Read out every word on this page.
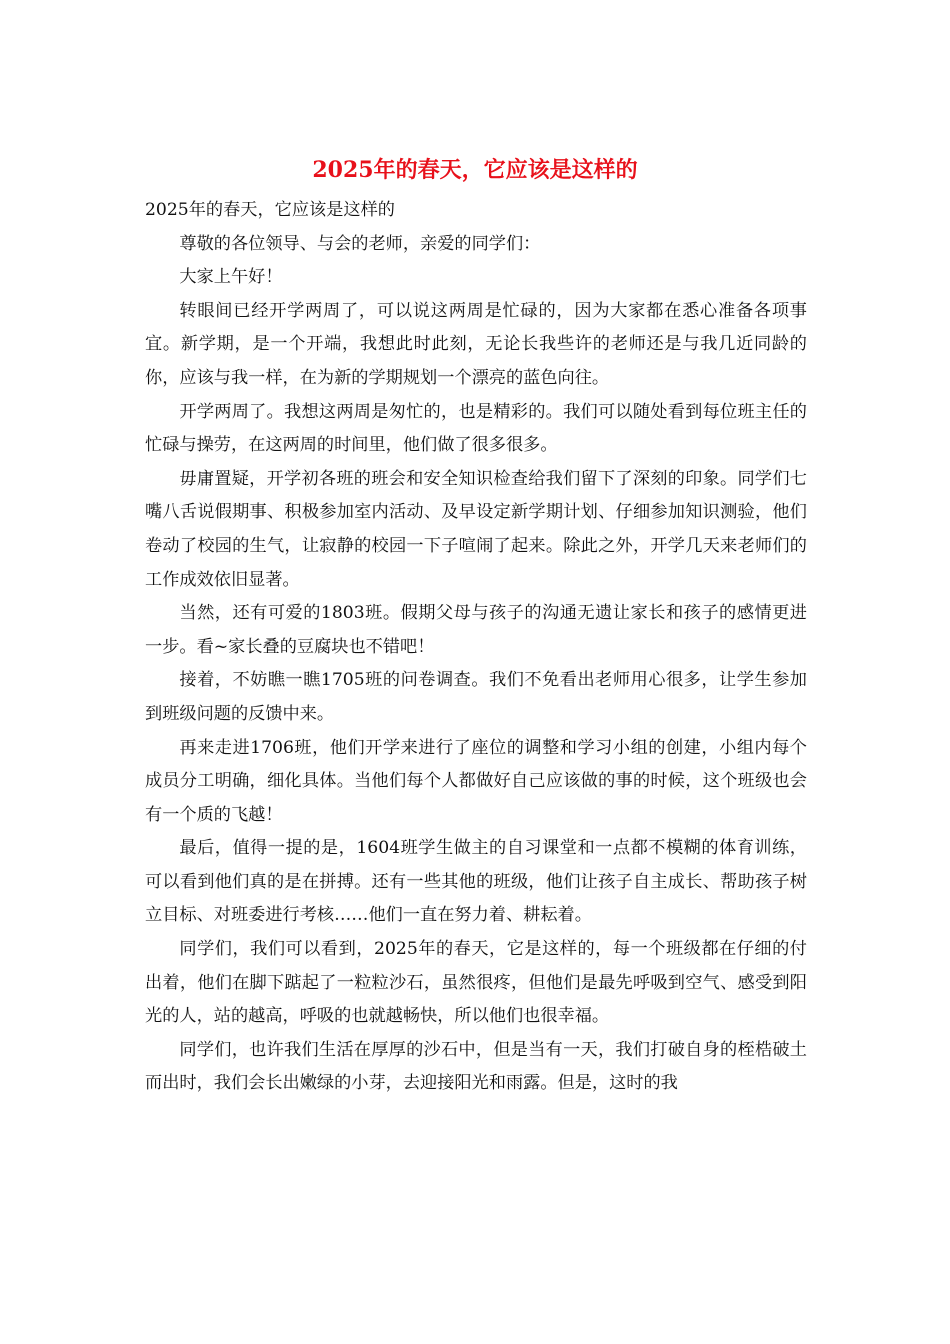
2025年的春天，它应该是这样的

2025年的春天，它应该是这样的

尊敬的各位领导、与会的老师，亲爱的同学们：

大家上午好！

转眼间已经开学两周了，可以说这两周是忙碌的，因为大家都在悉心准备各项事宜。新学期，是一个开端，我想此时此刻，无论长我些许的老师还是与我几近同龄的你，应该与我一样，在为新的学期规划一个漂亮的蓝色向往。

开学两周了。我想这两周是匆忙的，也是精彩的。我们可以随处看到每位班主任的忙碌与操劳，在这两周的时间里，他们做了很多很多。

毋庸置疑，开学初各班的班会和安全知识检查给我们留下了深刻的印象。同学们七嘴八舌说假期事、积极参加室内活动、及早设定新学期计划、仔细参加知识测验，他们卷动了校园的生气，让寂静的校园一下子喧闹了起来。除此之外，开学几天来老师们的工作成效依旧显著。

当然，还有可爱的1803班。假期父母与孩子的沟通无遗让家长和孩子的感情更进一步。看~家长叠的豆腐块也不错吧！

接着，不妨瞧一瞧1705班的问卷调查。我们不免看出老师用心很多，让学生参加到班级问题的反馈中来。

再来走进1706班，他们开学来进行了座位的调整和学习小组的创建，小组内每个成员分工明确，细化具体。当他们每个人都做好自己应该做的事的时候，这个班级也会有一个质的飞越！

最后，值得一提的是，1604班学生做主的自习课堂和一点都不模糊的体育训练，可以看到他们真的是在拼搏。还有一些其他的班级，他们让孩子自主成长、帮助孩子树立目标、对班委进行考核……他们一直在努力着、耕耘着。

同学们，我们可以看到，2025年的春天，它是这样的，每一个班级都在仔细的付出着，他们在脚下踮起了一粒粒沙石，虽然很疼，但他们是最先呼吸到空气、感受到阳光的人，站的越高，呼吸的也就越畅快，所以他们也很幸福。

同学们，也许我们生活在厚厚的沙石中，但是当有一天，我们打破自身的桎梏破土而出时，我们会长出嫩绿的小芽，去迎接阳光和雨露。但是，这时的我
